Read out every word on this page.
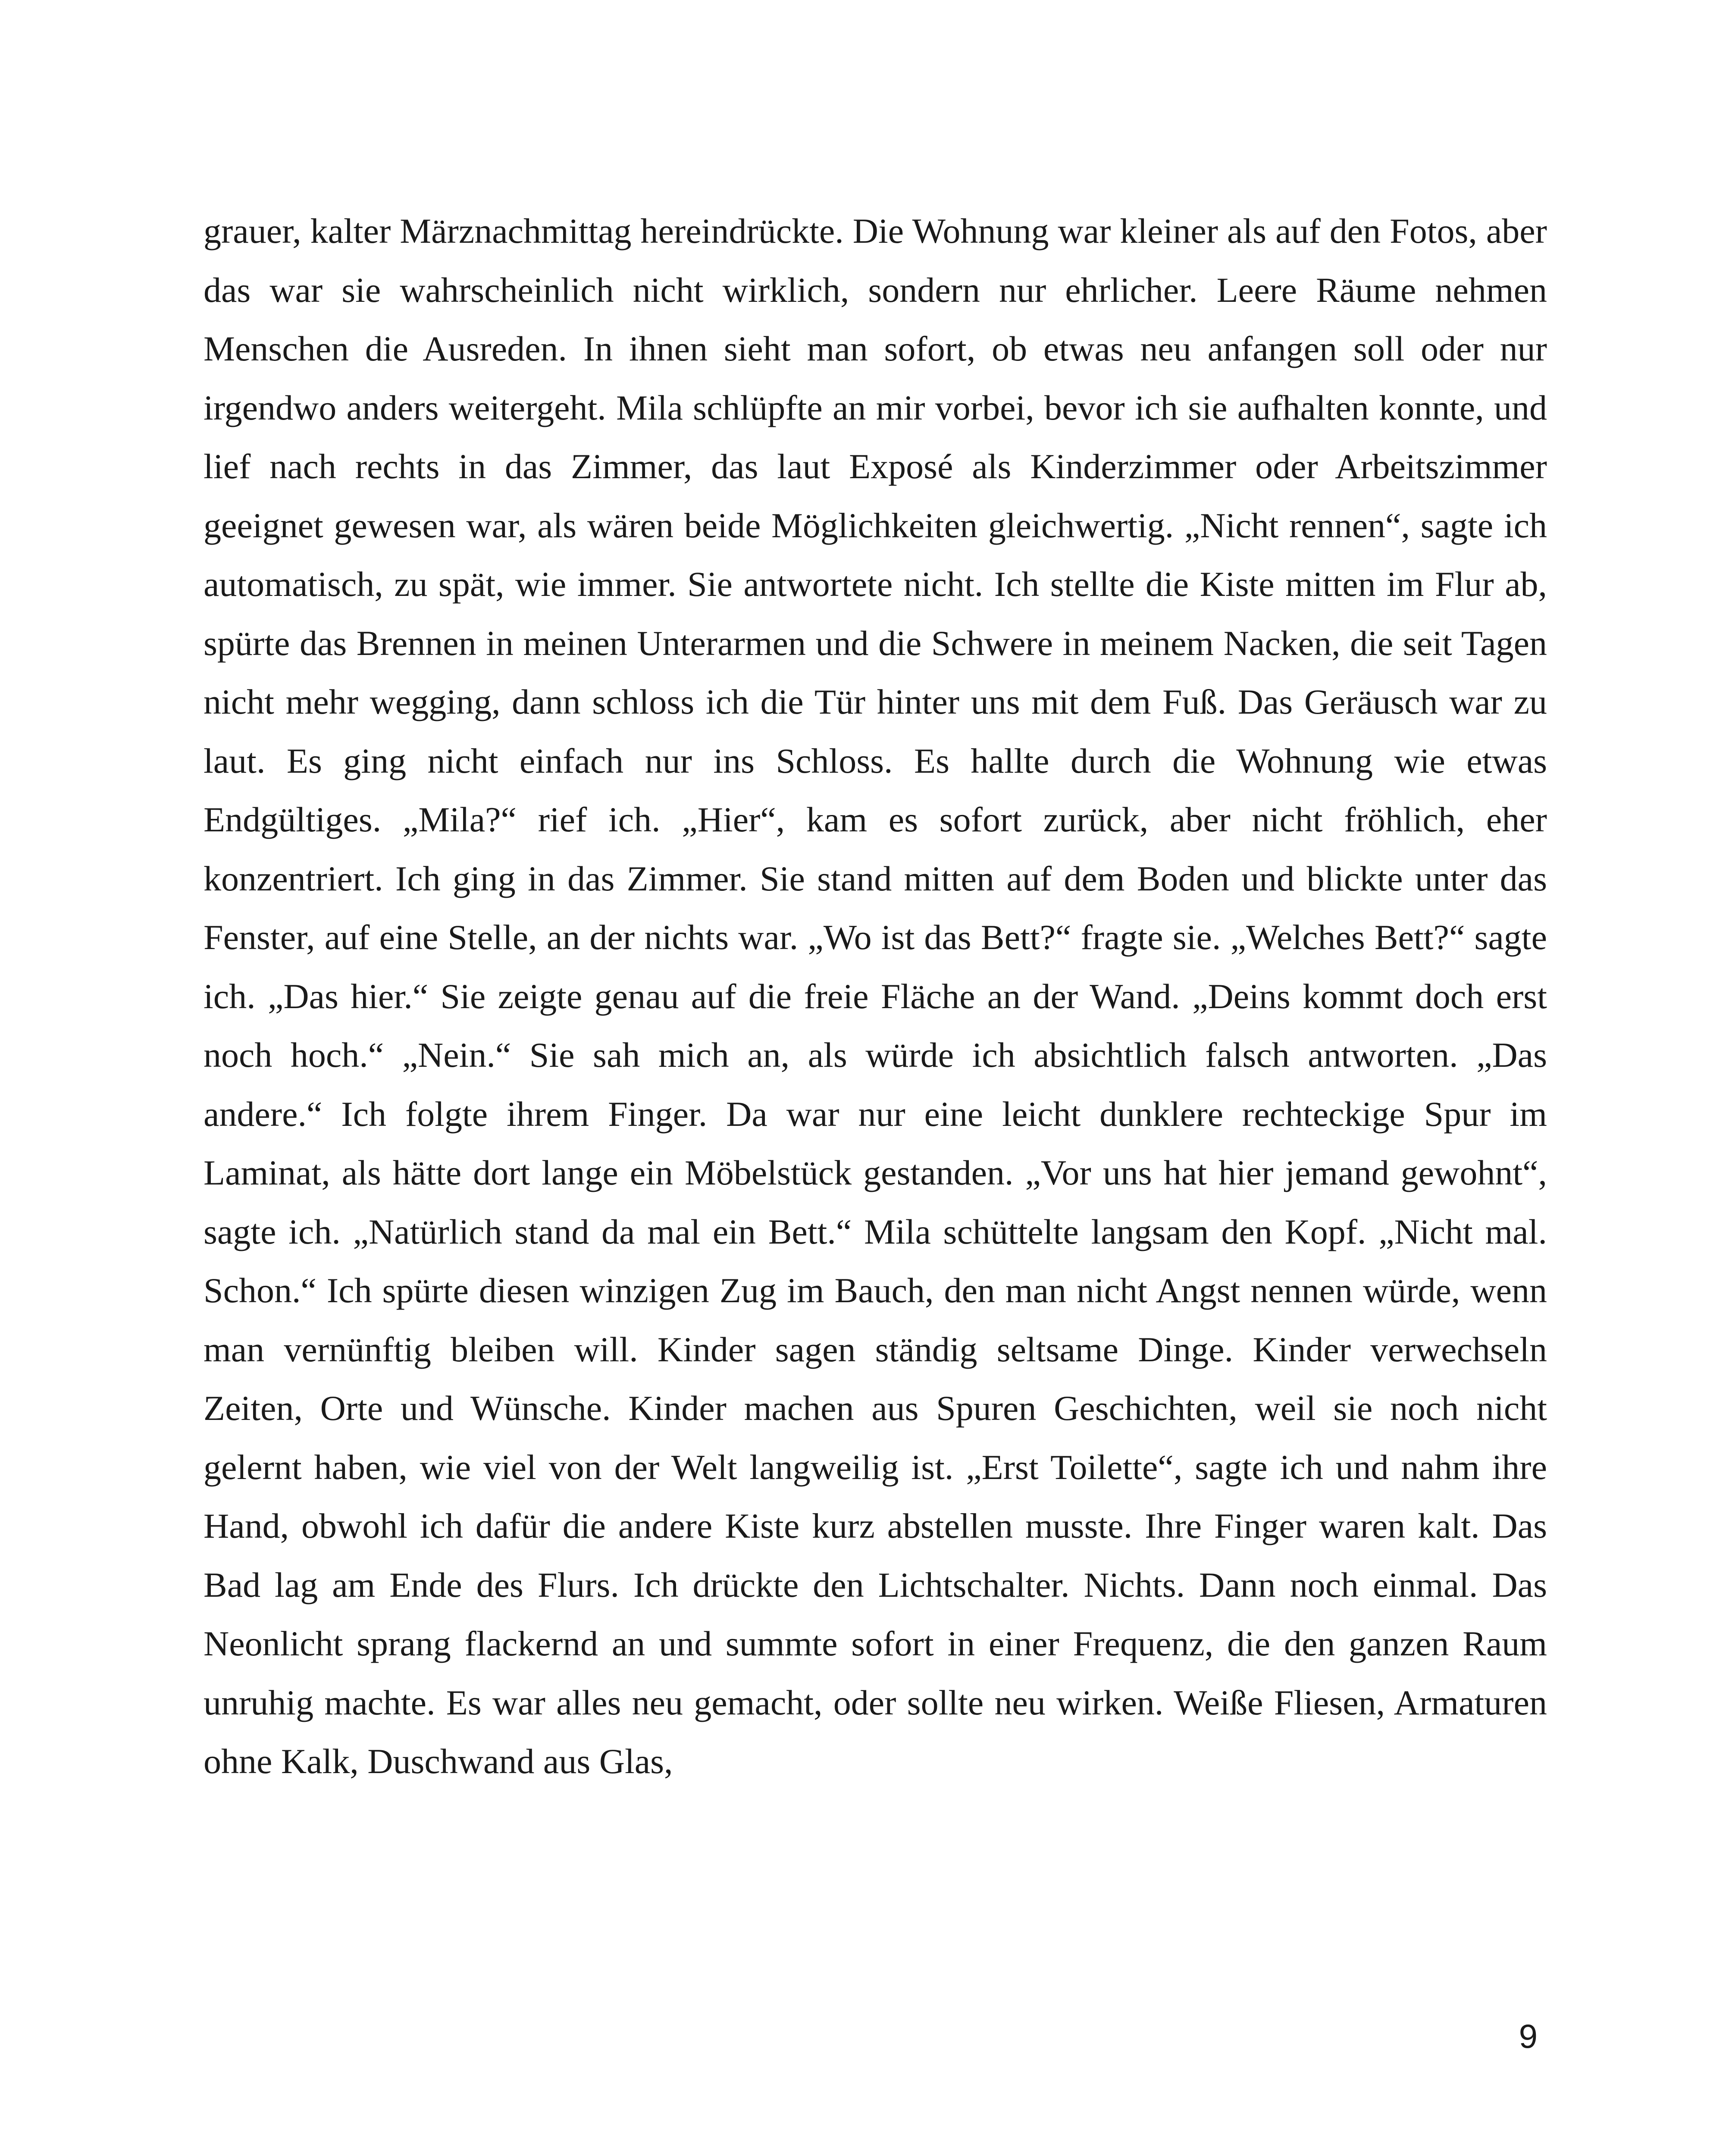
grauer, kalter Märznachmittag hereindrückte. Die Wohnung war kleiner als auf den Fotos, aber das war sie wahrscheinlich nicht wirklich, sondern nur ehrlicher. Leere Räume nehmen Menschen die Ausreden. In ihnen sieht man sofort, ob etwas neu anfangen soll oder nur irgendwo anders weitergeht. Mila schlüpfte an mir vorbei, bevor ich sie aufhalten konnte, und lief nach rechts in das Zimmer, das laut Exposé als Kinderzimmer oder Arbeitszimmer geeignet gewesen war, als wären beide Möglichkeiten gleichwertig. „Nicht rennen“, sagte ich automatisch, zu spät, wie immer. Sie antwortete nicht. Ich stellte die Kiste mitten im Flur ab, spürte das Brennen in meinen Unterarmen und die Schwere in meinem Nacken, die seit Tagen nicht mehr wegging, dann schloss ich die Tür hinter uns mit dem Fuß. Das Geräusch war zu laut. Es ging nicht einfach nur ins Schloss. Es hallte durch die Wohnung wie etwas Endgültiges. „Mila?“ rief ich. „Hier“, kam es sofort zurück, aber nicht fröhlich, eher konzentriert. Ich ging in das Zimmer. Sie stand mitten auf dem Boden und blickte unter das Fenster, auf eine Stelle, an der nichts war. „Wo ist das Bett?“ fragte sie. „Welches Bett?“ sagte ich. „Das hier.“ Sie zeigte genau auf die freie Fläche an der Wand. „Deins kommt doch erst noch hoch.“ „Nein.“ Sie sah mich an, als würde ich absichtlich falsch antworten. „Das andere.“ Ich folgte ihrem Finger. Da war nur eine leicht dunklere rechteckige Spur im Laminat, als hätte dort lange ein Möbelstück gestanden. „Vor uns hat hier jemand gewohnt“, sagte ich. „Natürlich stand da mal ein Bett.“ Mila schüttelte langsam den Kopf. „Nicht mal. Schon.“ Ich spürte diesen winzigen Zug im Bauch, den man nicht Angst nennen würde, wenn man vernünftig bleiben will. Kinder sagen ständig seltsame Dinge. Kinder verwechseln Zeiten, Orte und Wünsche. Kinder machen aus Spuren Geschichten, weil sie noch nicht gelernt haben, wie viel von der Welt langweilig ist. „Erst Toilette“, sagte ich und nahm ihre Hand, obwohl ich dafür die andere Kiste kurz abstellen musste. Ihre Finger waren kalt. Das Bad lag am Ende des Flurs. Ich drückte den Lichtschalter. Nichts. Dann noch einmal. Das Neonlicht sprang flackernd an und summte sofort in einer Frequenz, die den ganzen Raum unruhig machte. Es war alles neu gemacht, oder sollte neu wirken. Weiße Fliesen, Armaturen ohne Kalk, Duschwand aus Glas,

9
